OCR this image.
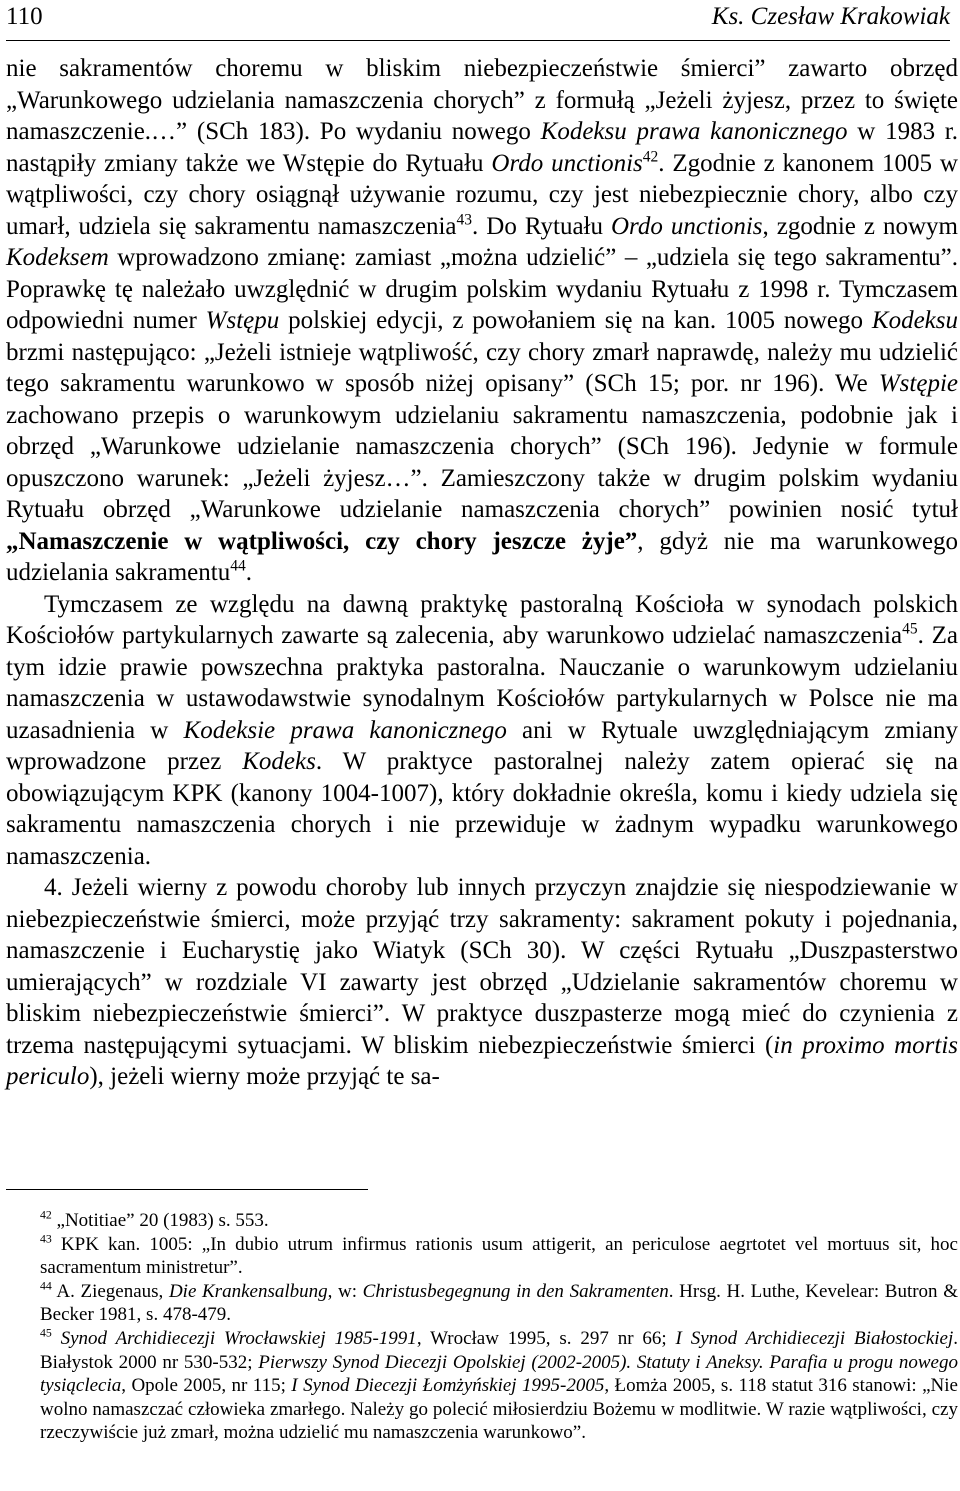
110	Ks. Czesław Krakowiak

nie sakramentów choremu w bliskim niebezpieczeństwie śmierci” zawarto obrzęd „Warunkowego udzielania namaszczenia chorych” z formułą „Jeżeli żyjesz, przez to święte namaszczenie.…” (SCh 183). Po wydaniu nowego Kodeksu prawa kanonicznego w 1983 r. nastąpiły zmiany także we Wstępie do Rytuału Ordo unctionis$^{42}$. Zgodnie z kanonem 1005 w wątpliwości, czy chory osiągnął używanie rozumu, czy jest niebezpiecznie chory, albo czy umarł, udziela się sakramentu namaszczenia$^{43}$. Do Rytuału Ordo unctionis, zgodnie z nowym Kodeksem wprowadzono zmianę: zamiast „można udzielić” – „udziela się tego sakramentu”. Poprawkę tę należało uwzględnić w drugim polskim wydaniu Rytuału z 1998 r. Tymczasem odpowiedni numer Wstępu polskiej edycji, z powołaniem się na kan. 1005 nowego Kodeksu brzmi następująco: „Jeżeli istnieje wątpliwość, czy chory zmarł naprawdę, należy mu udzielić tego sakramentu warunkowo w sposób niżej opisany” (SCh 15; por. nr 196). We Wstępie zachowano przepis o warunkowym udzielaniu sakramentu namaszczenia, podobnie jak i obrzęd „Warunkowe udzielanie namaszczenia chorych” (SCh 196). Jedynie w formule opuszczono warunek: „Jeżeli żyjesz…”. Zamieszczony także w drugim polskim wydaniu Rytuału obrzęd „Warunkowe udzielanie namaszczenia chorych” powinien nosić tytuł „Namaszczenie w wątpliwości, czy chory jeszcze żyje”, gdyż nie ma warunkowego udzielania sakramentu$^{44}$.

Tymczasem ze względu na dawną praktykę pastoralną Kościoła w synodach polskich Kościołów partykularnych zawarte są zalecenia, aby warunkowo udzielać namaszczenia$^{45}$. Za tym idzie prawie powszechna praktyka pastoralna. Nauczanie o warunkowym udzielaniu namaszczenia w ustawodawstwie synodalnym Kościołów partykularnych w Polsce nie ma uzasadnienia w Kodeksie prawa kanonicznego ani w Rytuale uwzględniającym zmiany wprowadzone przez Kodeks. W praktyce pastoralnej należy zatem opierać się na obowiązującym KPK (kanony 1004-1007), który dokładnie określa, komu i kiedy udziela się sakramentu namaszczenia chorych i nie przewiduje w żadnym wypadku warunkowego namaszczenia.

4. Jeżeli wierny z powodu choroby lub innych przyczyn znajdzie się niespodziewanie w niebezpieczeństwie śmierci, może przyjąć trzy sakramenty: sakrament pokuty i pojednania, namaszczenie i Eucharystię jako Wiatyk (SCh 30). W części Rytuału „Duszpasterstwo umierających” w rozdziale VI zawarty jest obrzęd „Udzielanie sakramentów choremu w bliskim niebezpieczeństwie śmierci”. W praktyce duszpasterze mogą mieć do czynienia z trzema następującymi sytuacjami. W bliskim niebezpieczeństwie śmierci (in proximo mortis periculo), jeżeli wierny może przyjąć te sa-

$^{42}$ „Notitiae” 20 (1983) s. 553.

$^{43}$ KPK kan. 1005: „In dubio utrum infirmus rationis usum attigerit, an periculose aegrtotet vel mortuus sit, hoc sacramentum ministretur”.

$^{44}$ A. Ziegenaus, Die Krankensalbung, w: Christusbegegnung in den Sakramenten. Hrsg. H. Luthe, Kevelear: Butron & Becker 1981, s. 478-479.

$^{45}$ Synod Archidiecezji Wrocławskiej 1985-1991, Wrocław 1995, s. 297 nr 66; I Synod Archidiecezji Białostockiej. Białystok 2000 nr 530-532; Pierwszy Synod Diecezji Opolskiej (2002-2005). Statuty i Aneksy. Parafia u progu nowego tysiąclecia, Opole 2005, nr 115; I Synod Diecezji Łomżyńskiej 1995-2005, Łomża 2005, s. 118 statut 316 stanowi: „Nie wolno namaszczać człowieka zmarłego. Należy go polecić miłosierdziu Bożemu w modlitwie. W razie wątpliwości, czy rzeczywiście już zmarł, można udzielić mu namaszczenia warunkowo”.
